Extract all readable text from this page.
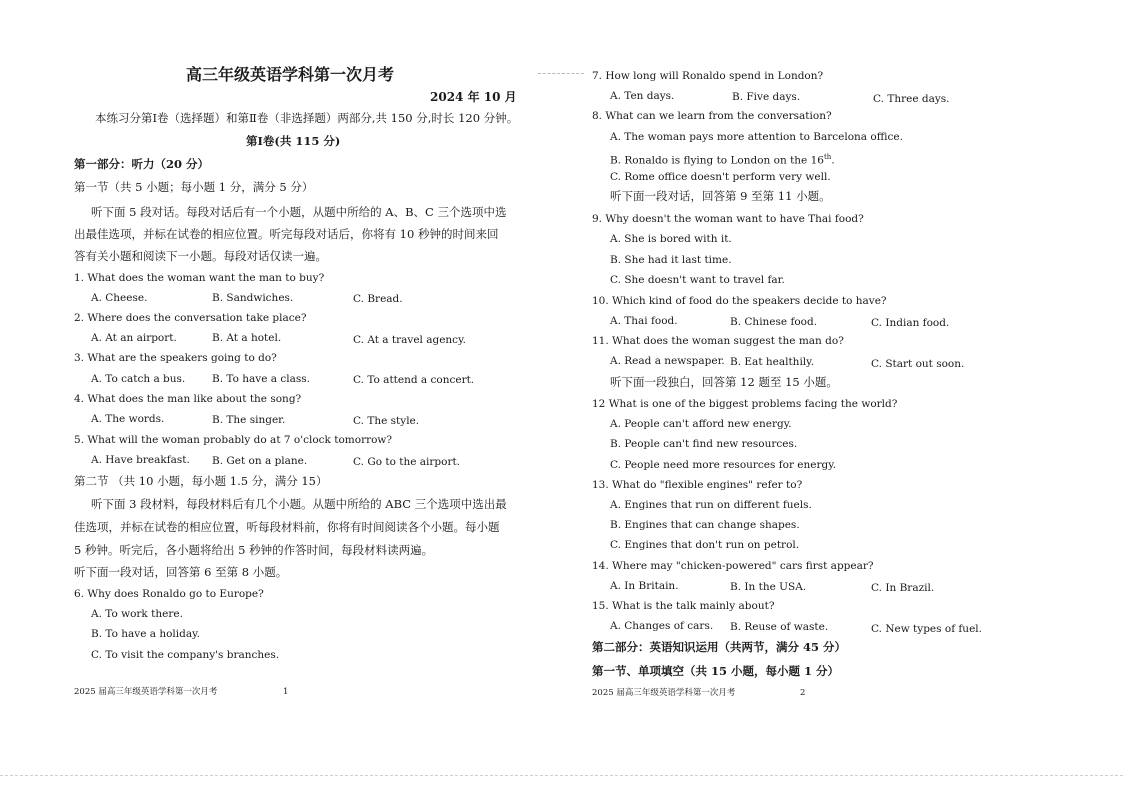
高三年级英语学科第一次月考
2024 年 10 月
本练习分第Ⅰ卷（选择题）和第Ⅱ卷（非选择题）两部分,共 150 分,时长 120 分钟。
第Ⅰ卷(共 115 分)
第一部分：听力（20 分）
第一节（共 5 小题；每小题 1 分，满分 5 分）
听下面 5 段对话。每段对话后有一个小题，从题中所给的 A、B、C 三个选项中选
出最佳选项，并标在试卷的相应位置。听完每段对话后，你将有 10 秒钟的时间来回
答有关小题和阅读下一小题。每段对话仅读一遍。
1. What does the woman want the man to buy?
A. Cheese.	B. Sandwiches.	C. Bread.
2. Where does the conversation take place?
A. At an airport.	B. At a hotel.	C. At a travel agency.
3. What are the speakers going to do?
A. To catch a bus.	B. To have a class.	C. To attend a concert.
4. What does the man like about the song?
A. The words.	B. The singer.	C. The style.
5. What will the woman probably do at 7 o'clock tomorrow?
A. Have breakfast. B. Get on a plane.	C. Go to the airport.
第二节 （共 10 小题，每小题 1.5 分，满分 15）
听下面 3 段材料，每段材料后有几个小题。从题中所给的 ABC 三个选项中选出最
佳选项，并标在试卷的相应位置，听每段材料前，你将有时间阅读各个小题。每小题
5 秒钟。听完后，各小题将给出 5 秒钟的作答时间，每段材料读两遍。
听下面一段对话，回答第 6 至第 8 小题。
6. Why does Ronaldo go to Europe?
A. To work there.
B. To have a holiday.
C. To visit the company's branches.
2025 届高三年级英语学科第一次月考	1
7. How long will Ronaldo spend in London?
A. Ten days.	B. Five days.	C. Three days.
8. What can we learn from the conversation?
A. The woman pays more attention to Barcelona office.
B. Ronaldo is flying to London on the 16th.
C. Rome office doesn't perform very well.
听下面一段对话，回答第 9 至第 11 小题。
9. Why doesn't the woman want to have Thai food?
A. She is bored with it.
B. She had it last time.
C. She doesn't want to travel far.
10. Which kind of food do the speakers decide to have?
A. Thai food.	B. Chinese food.	C. Indian food.
11. What does the woman suggest the man do?
A. Read a newspaper. B. Eat healthily.	C. Start out soon.
听下面一段独白，回答第 12 题至 15 小题。
12 What is one of the biggest problems facing the world?
A. People can't afford new energy.
B. People can't find new resources.
C. People need more resources for energy.
13. What do "flexible engines" refer to?
A. Engines that run on different fuels.
B. Engines that can change shapes.
C. Engines that don't run on petrol.
14. Where may "chicken-powered" cars first appear?
A. In Britain.	B. In the USA.	C. In Brazil.
15. What is the talk mainly about?
A. Changes of cars. B. Reuse of waste.	C. New types of fuel.
第二部分：英语知识运用（共两节，满分 45 分）
第一节、单项填空（共 15 小题，每小题 1 分）
2025 届高三年级英语学科第一次月考	2
